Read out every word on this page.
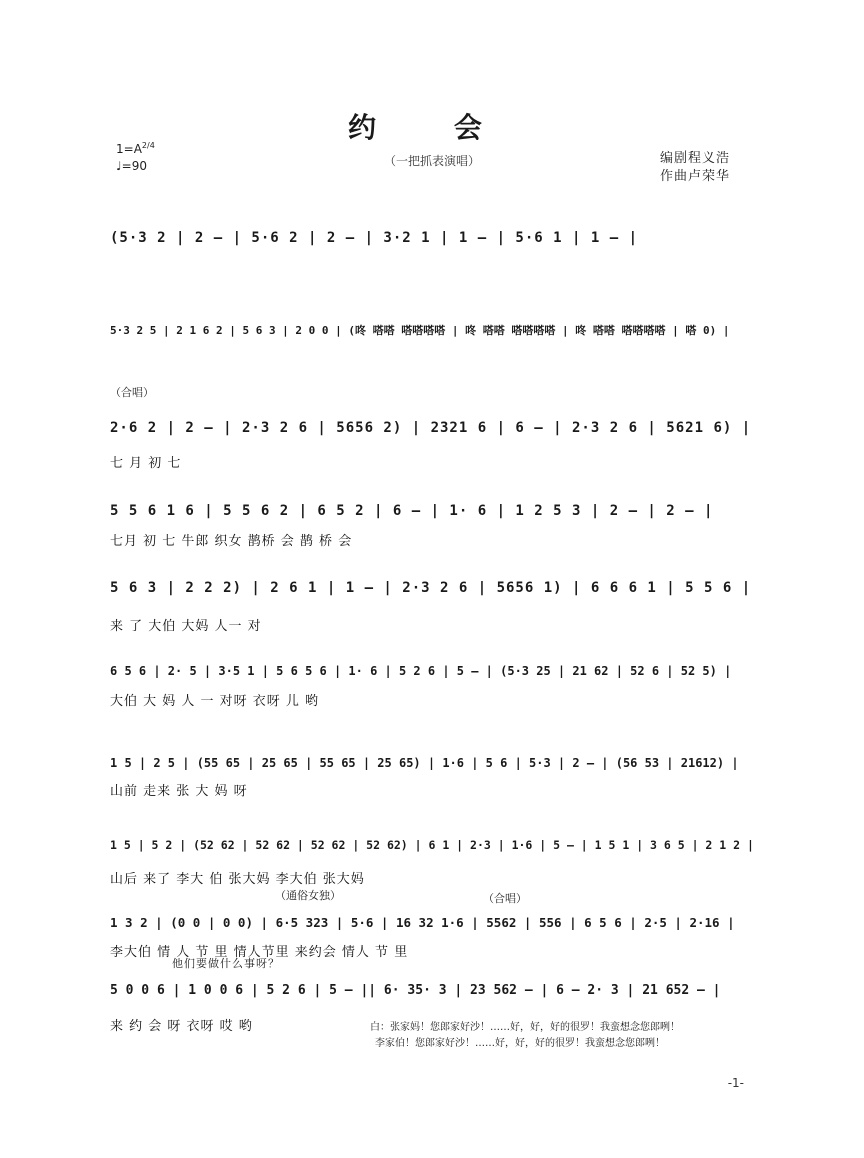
约 会
（一把抓表演唱）
$1=A^{2/4}$
♩=90	编剧程义浩
作曲卢荣华
(5·3 2 | 2 – | 5·6 2 | 2 – | 3·2 1 | 1 – | 5·6 1 | 1 – |
5·3 2 5 | 2 1 6 2 | 5 6 3 | 2 0 0 | (咚 嗒嗒 嗒嗒嗒嗒 | 咚 嗒嗒 嗒嗒嗒嗒 | 咚 嗒嗒 嗒嗒嗒嗒 | 嗒 0) |
（合唱）
2·6 2 | 2 – | 2·3 2 6 | 5656 2) | 2321 6 | 6 – | 2·3 2 6 | 5621 6) |
七 月 初 七
5 5 6 1 6 | 5 5 6 2 | 6 5 2 | 6 – | 1· 6 | 1 2 5 3 | 2 – | 2 – |
七月 初 七 牛郎 织女 鹊桥 会 鹊 桥 会
5 6 3 | 2 2 2) | 2 6 1 | 1 – | 2·3 2 6 | 5656 1) | 6 6 6 1 | 5 5 6 |
来 了 大伯 大妈 人一 对
6 5 6 | 2· 5 | 3·5 1 | 5 6 5 6 | 1· 6 | 5 2 6 | 5 – | (5·3 25 | 21 62 | 52 6 | 52 5) |
大伯 大 妈 人 一 对呀 衣呀 儿 哟
1 5 | 2 5 | (55 65 | 25 65 | 55 65 | 25 65) | 1·6 | 5 6 | 5·3 | 2 – | (56 53 | 21612) |
山前 走来 张 大 妈 呀
1 5 | 5 2 | (52 62 | 52 62 | 52 62 | 52 62) | 6 1 | 2·3 | 1·6 | 5 – | 1 5 1 | 3 6 5 | 2 1 2 |
山后 来了 李大 伯 张大妈 李大伯 张大妈
（通俗女独）	（合唱）
1 3 2 | (0 0 | 0 0) | 6·5 323 | 5·6 | 16 32 1·6 | 5562 | 556 | 6 5 6 | 2·5 | 2·16 |
李大伯 情 人 节 里 情人节里 来约会 情人 节 里
他们要做什么事呀？
5 0 0 6 | 1 0 0 6 | 5 2 6 | 5 – || 6· 35· 3 | 23 562 – | 6 – 2· 3 | 21 652 – |
来 约 会 呀 衣呀 哎 哟	白：张家妈！您郎家好沙！……好，好，好的很罗！我蛮想念您郎咧！
李家伯！您郎家好沙！……好，好，好的很罗！我蛮想念您郎咧！
-1-
